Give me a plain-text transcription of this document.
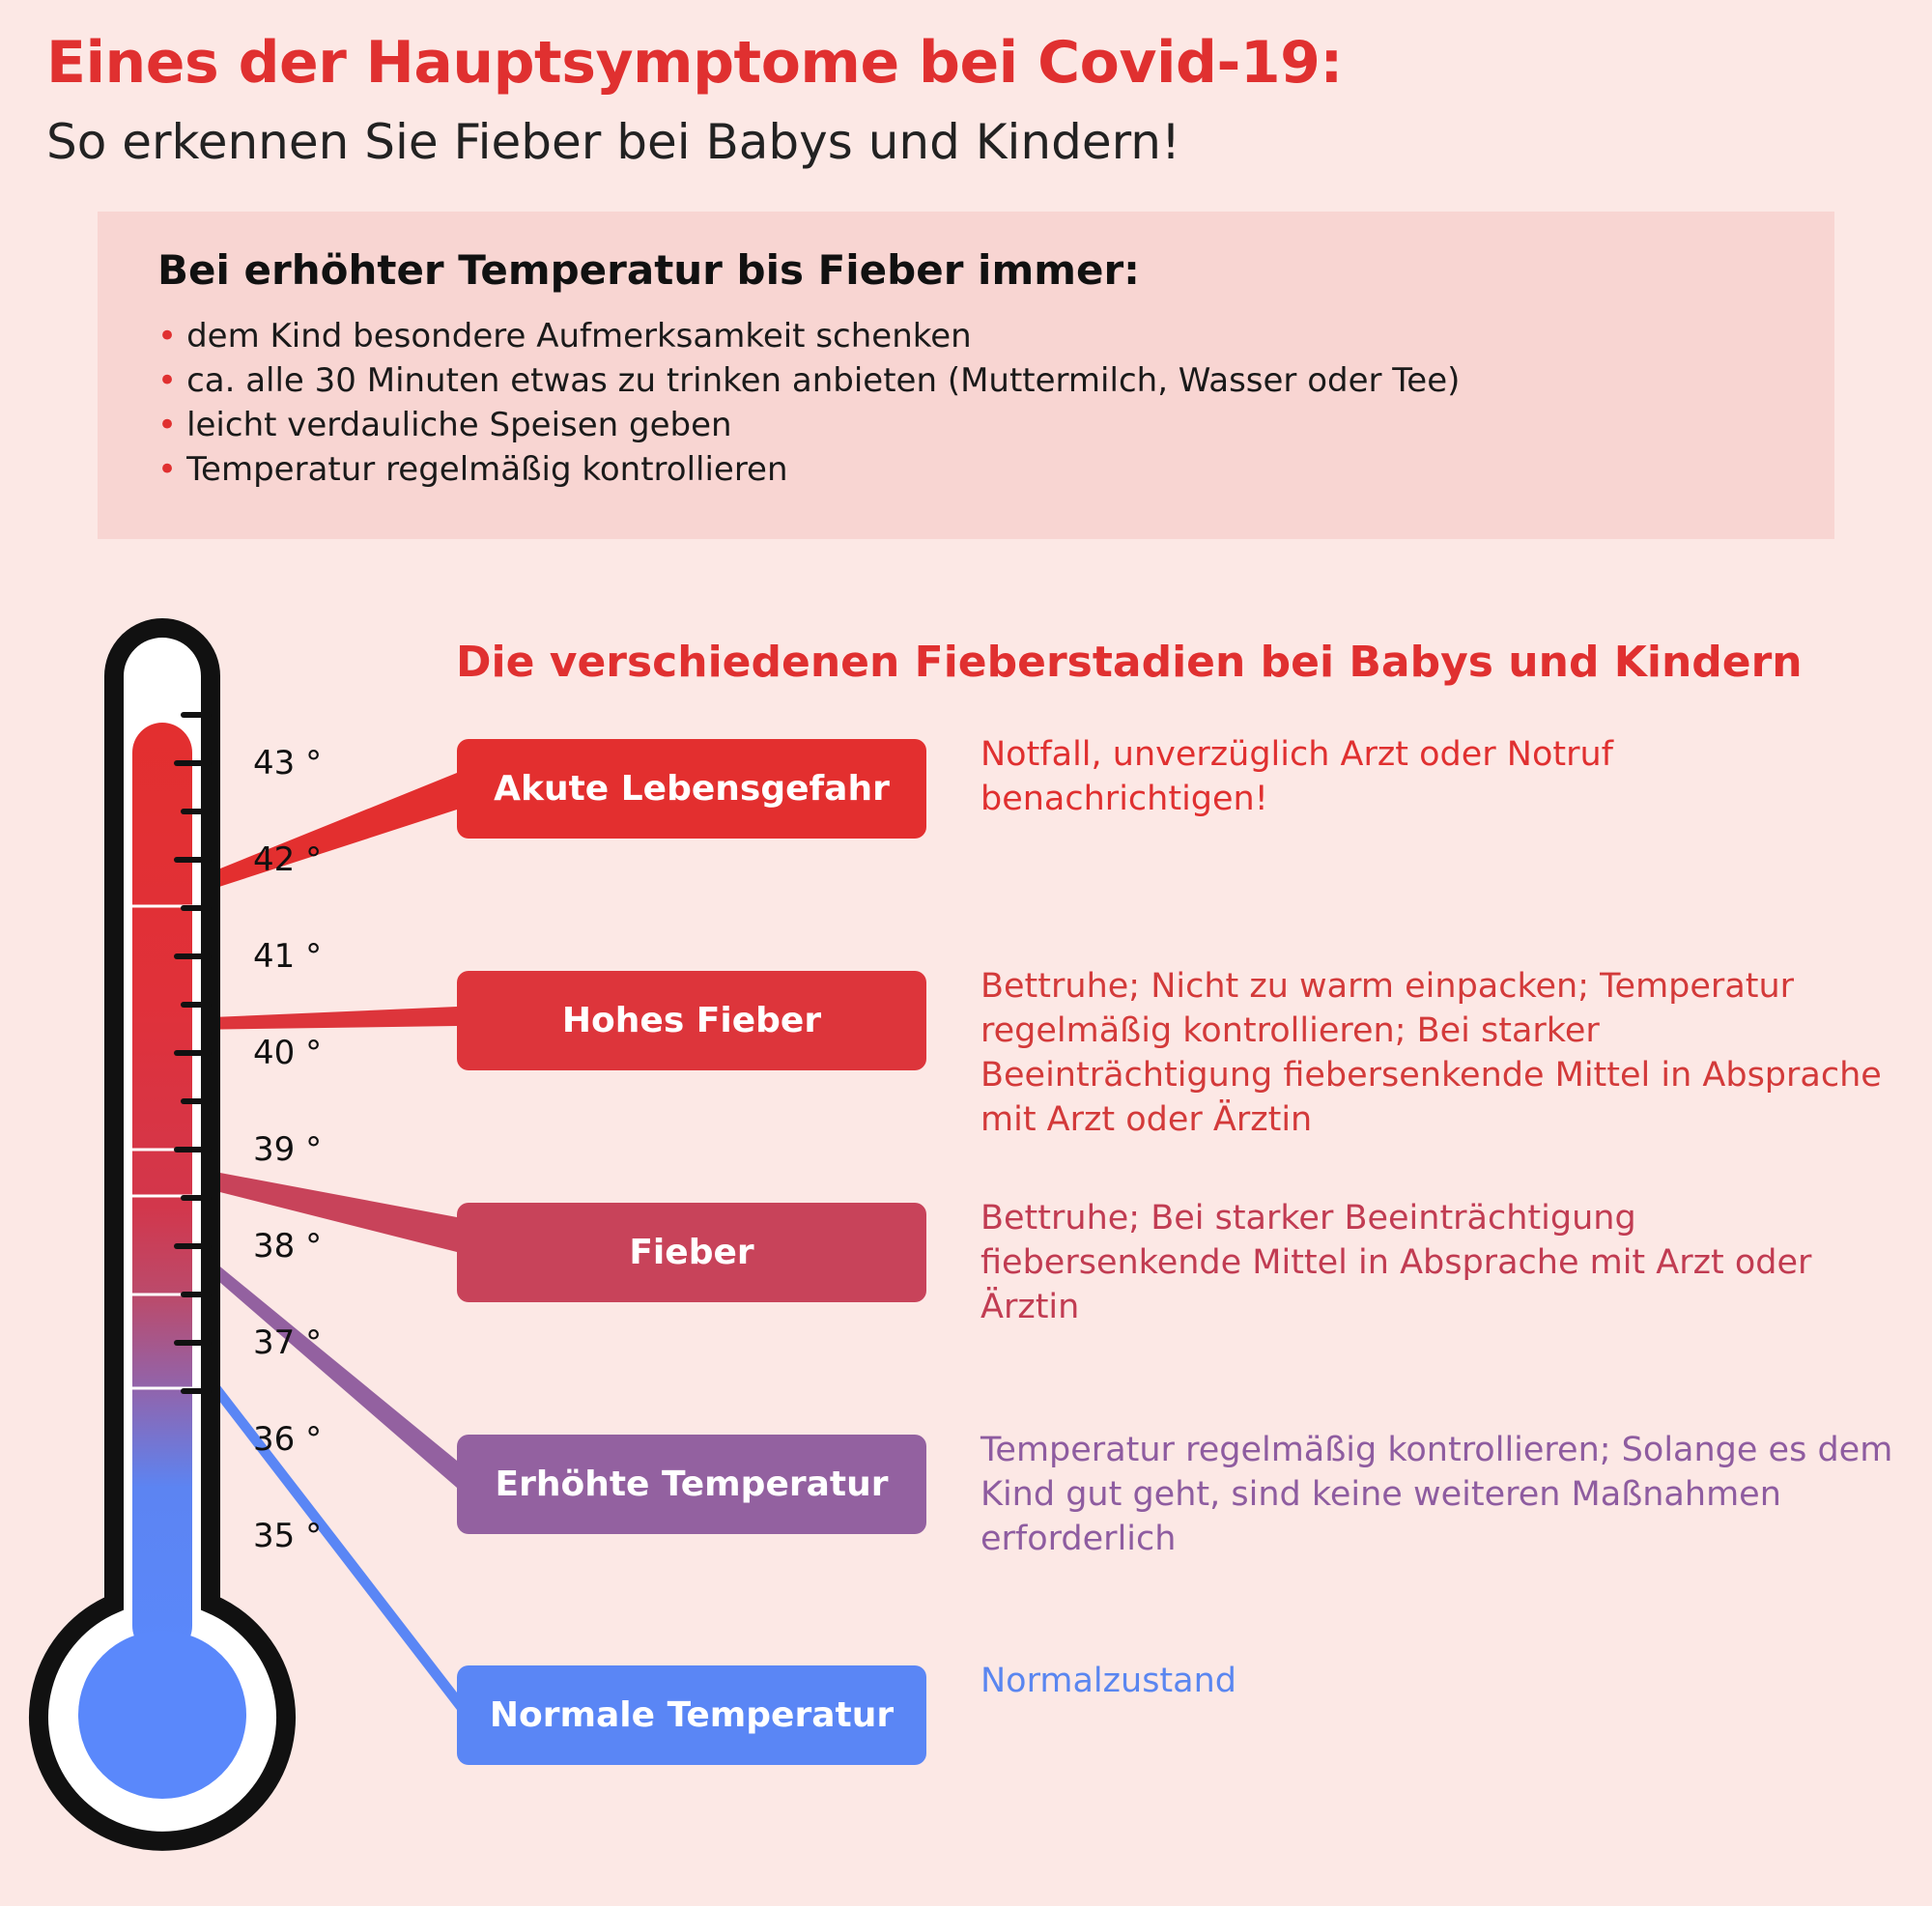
Eines der Hauptsymptome bei Covid-19:
So erkennen Sie Fieber bei Babys und Kindern!
Bei erhöhter Temperatur bis Fieber immer:
• dem Kind besondere Aufmerksamkeit schenken
• ca. alle 30 Minuten etwas zu trinken anbieten (Muttermilch, Wasser oder Tee)
• leicht verdauliche Speisen geben
• Temperatur regelmäßig kontrollieren
Die verschiedenen Fieberstadien bei Babys und Kindern
43 °
42 °
41 °
40 °
39 °
38 °
37 °
36 °
35 °
Akute Lebensgefahr
Hohes Fieber
Fieber
Erhöhte Temperatur
Normale Temperatur
Notfall, unverzüglich Arzt oder Notruf benachrichtigen!
Bettruhe; Nicht zu warm einpacken; Temperatur regelmäßig kontrollieren; Bei starker Beeinträchtigung fiebersenkende Mittel in Absprache mit Arzt oder Ärztin
Bettruhe; Bei starker Beeinträchtigung fiebersenkende Mittel in Absprache mit Arzt oder Ärztin
Temperatur regelmäßig kontrollieren; Solange es dem Kind gut geht, sind keine weiteren Maßnahmen erforderlich
Normalzustand
